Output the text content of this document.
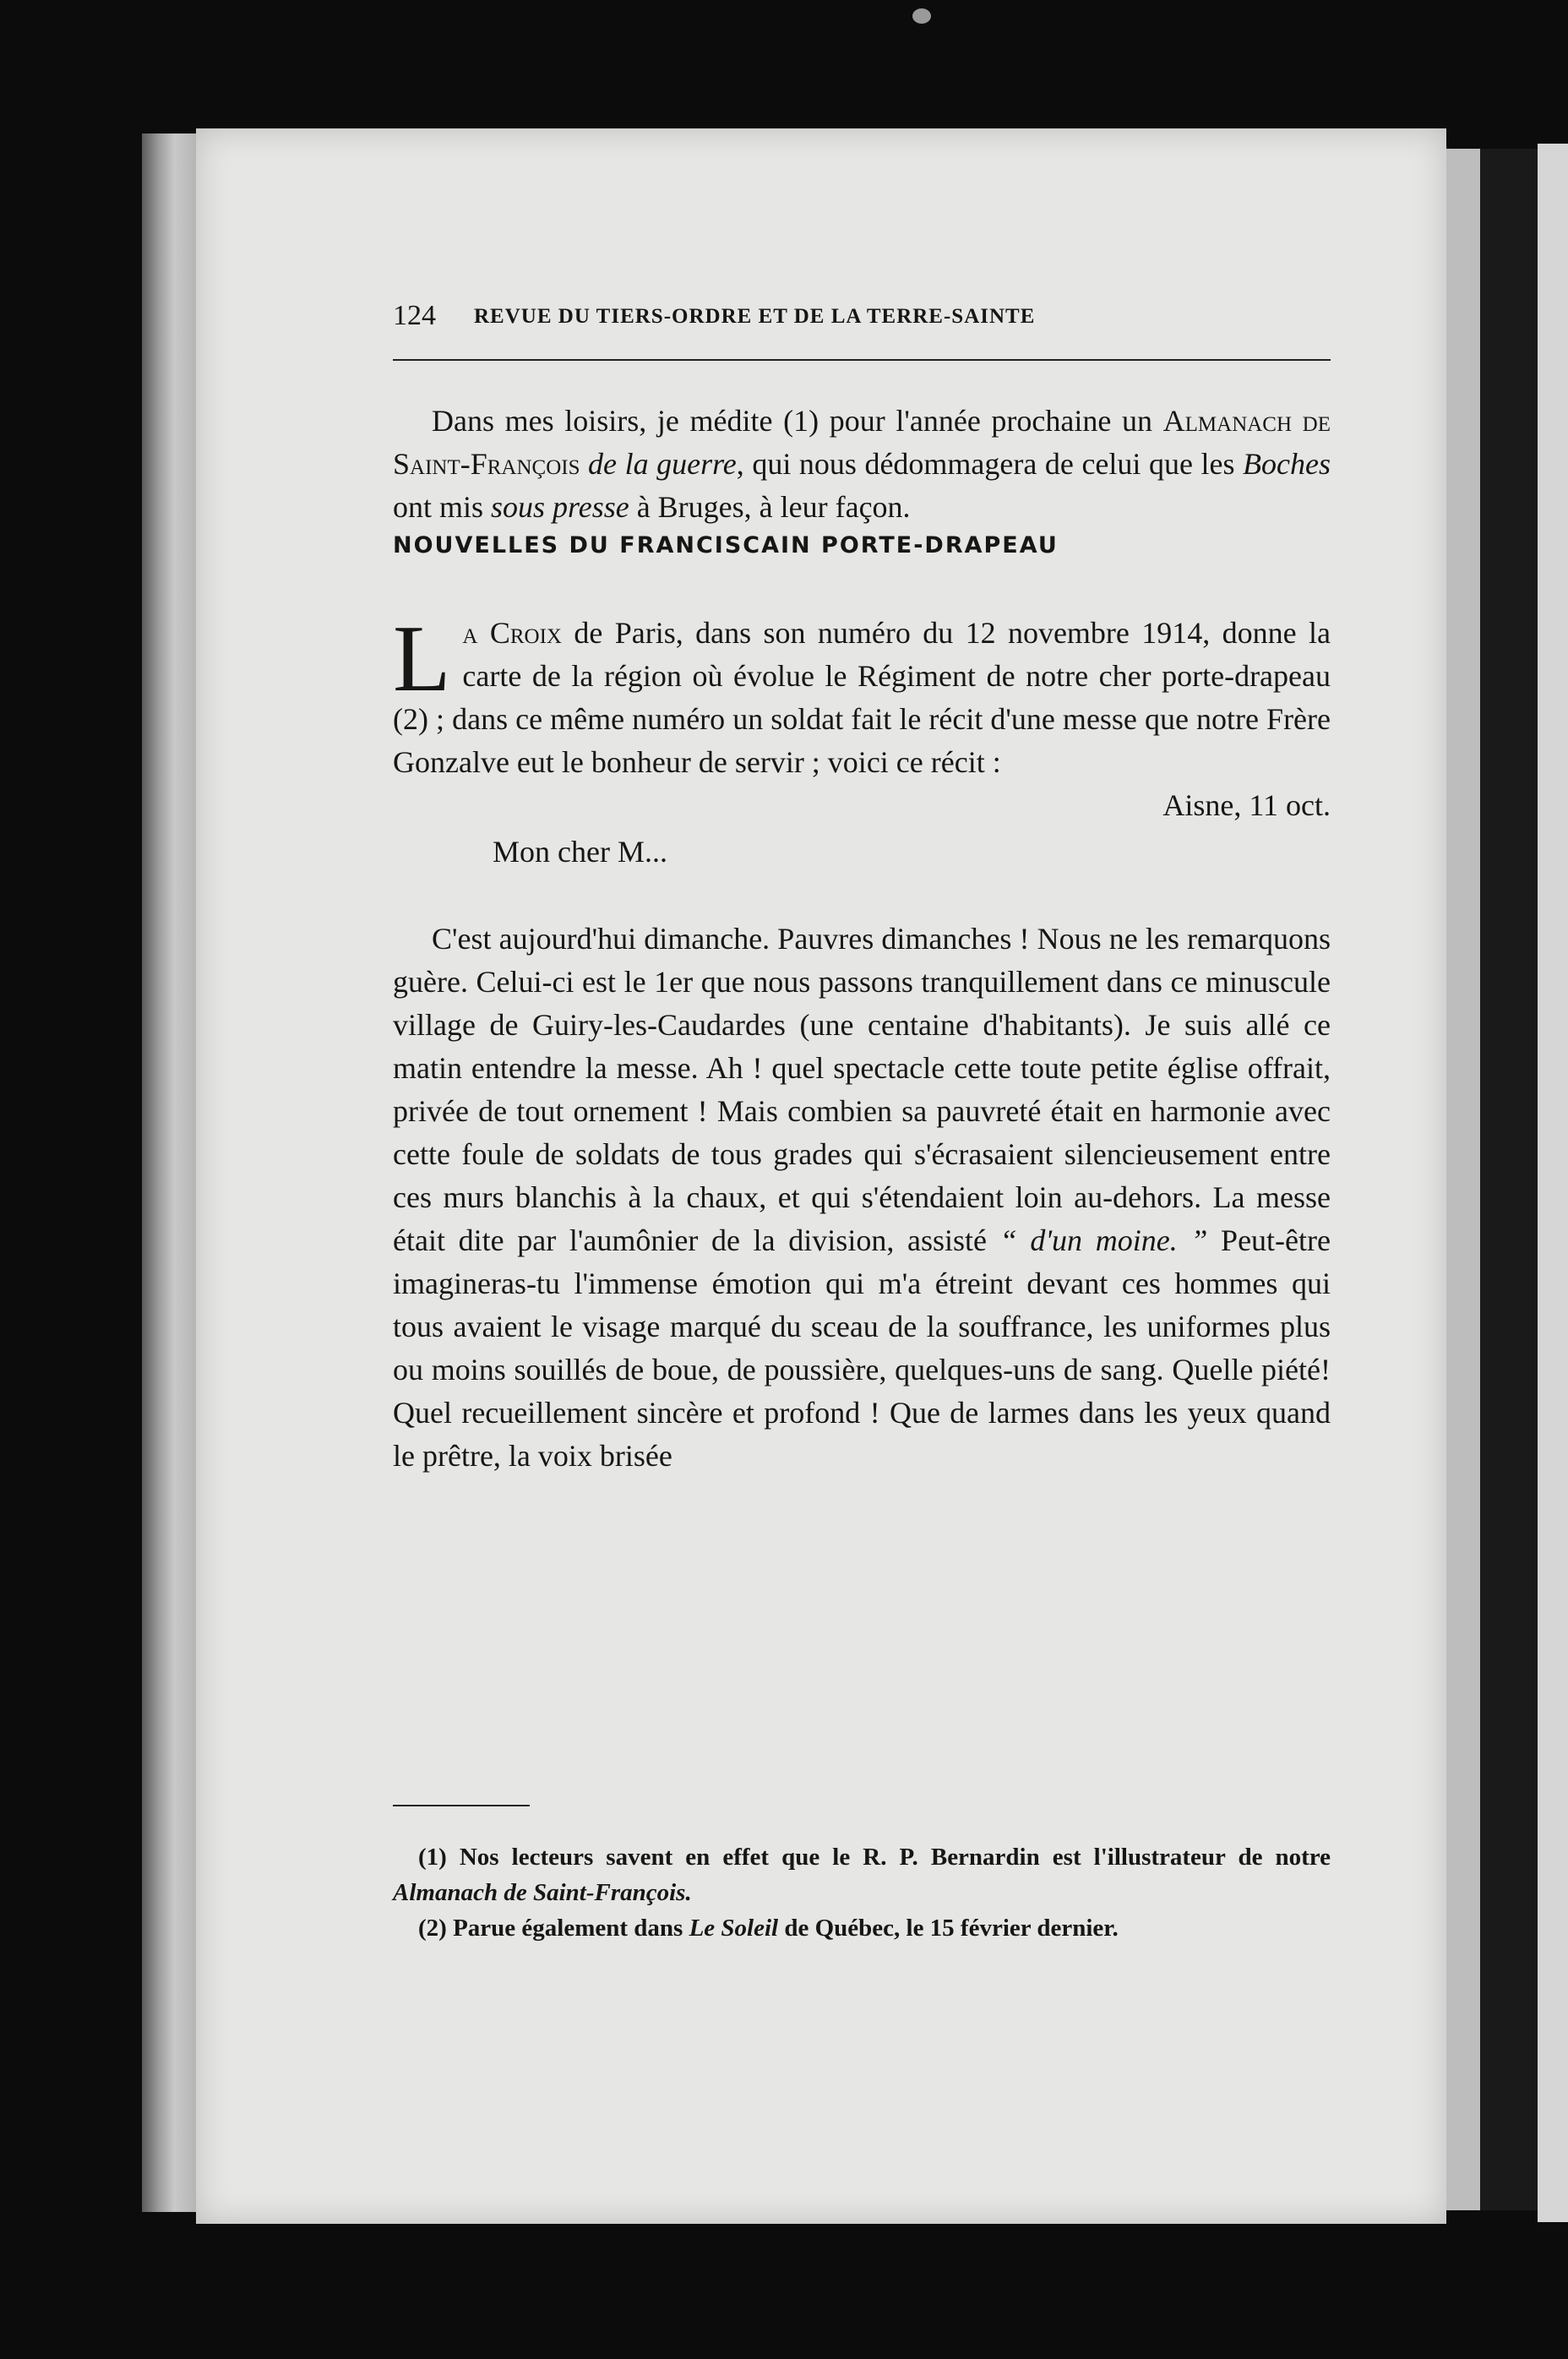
124 REVUE DU TIERS-ORDRE ET DE LA TERRE-SAINTE

Dans mes loisirs, je médite (1) pour l'année prochaine un Almanach de Saint-François de la guerre, qui nous dédommagera de celui que les Boches ont mis sous presse à Bruges, à leur façon.

NOUVELLES DU FRANCISCAIN PORTE-DRAPEAU

La Croix de Paris, dans son numéro du 12 novembre 1914, donne la carte de la région où évolue le Régiment de notre cher porte-drapeau (2) ; dans ce même numéro un soldat fait le récit d'une messe que notre Frère Gonzalve eut le bonheur de servir ; voici ce récit :

Aisne, 11 oct.

Mon cher M...

C'est aujourd'hui dimanche. Pauvres dimanches ! Nous ne les remarquons guère. Celui-ci est le 1er que nous passons tranquillement dans ce minuscule village de Guiry-les-Caudardes (une centaine d'habitants). Je suis allé ce matin entendre la messe. Ah ! quel spectacle cette toute petite église offrait, privée de tout ornement ! Mais combien sa pauvreté était en harmonie avec cette foule de soldats de tous grades qui s'écrasaient silencieusement entre ces murs blanchis à la chaux, et qui s'étendaient loin au-dehors. La messe était dite par l'aumônier de la division, assisté “ d'un moine. ” Peut-être imagineras-tu l'immense émotion qui m'a étreint devant ces hommes qui tous avaient le visage marqué du sceau de la souffrance, les uniformes plus ou moins souillés de boue, de poussière, quelques-uns de sang. Quelle piété! Quel recueillement sincère et profond ! Que de larmes dans les yeux quand le prêtre, la voix brisée

(1) Nos lecteurs savent en effet que le R. P. Bernardin est l'illustrateur de notre Almanach de Saint-François.

(2) Parue également dans Le Soleil de Québec, le 15 février dernier.
